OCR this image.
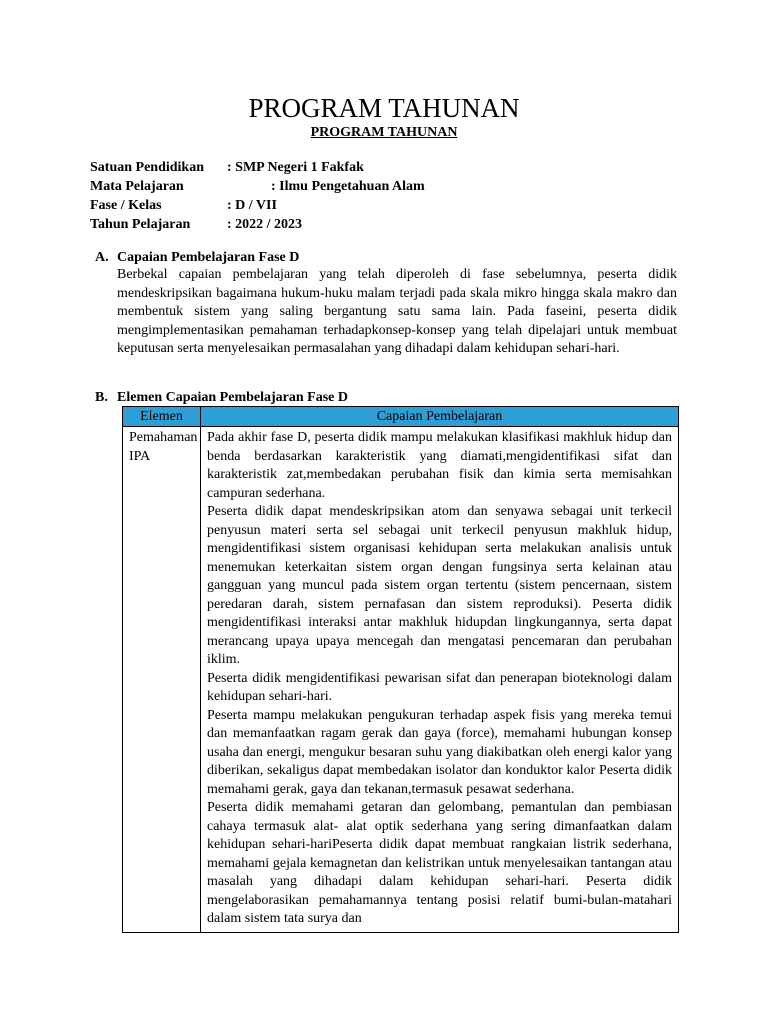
PROGRAM TAHUNAN
PROGRAM TAHUNAN
Satuan Pendidikan : SMP Negeri 1 Fakfak
Mata Pelajaran	: Ilmu Pengetahuan Alam
Fase / Kelas	: D / VII
Tahun Pelajaran	: 2022 / 2023
A. Capaian Pembelajaran Fase D
Berbekal capaian pembelajaran yang telah diperoleh di fase sebelumnya, peserta didik mendeskripsikan bagaimana hukum-huku malam terjadi pada skala mikro hingga skala makro dan membentuk sistem yang saling bergantung satu sama lain. Pada faseini, peserta didik mengimplementasikan pemahaman terhadapkonsep-konsep yang telah dipelajari untuk membuat keputusan serta menyelesaikan permasalahan yang dihadapi dalam kehidupan sehari-hari.
B. Elemen Capaian Pembelajaran Fase D
Elemen	Capaian Pembelajaran
Pemahaman IPA	Pada akhir fase D, peserta didik mampu melakukan klasifikasi makhluk hidup dan benda berdasarkan karakteristik yang diamati,mengidentifikasi sifat dan karakteristik zat,membedakan perubahan fisik dan kimia serta memisahkan campuran sederhana.

Peserta didik dapat mendeskripsikan atom dan senyawa sebagai unit terkecil penyusun materi serta sel sebagai unit terkecil penyusun makhluk hidup, mengidentifikasi sistem organisasi kehidupan serta melakukan analisis untuk menemukan keterkaitan sistem organ dengan fungsinya serta kelainan atau gangguan yang muncul pada sistem organ tertentu (sistem pencernaan, sistem peredaran darah, sistem pernafasan dan sistem reproduksi). Peserta didik mengidentifikasi interaksi antar makhluk hidupdan lingkungannya, serta dapat merancang upaya upaya mencegah dan mengatasi pencemaran dan perubahan iklim.

Peserta didik mengidentifikasi pewarisan sifat dan penerapan bioteknologi dalam kehidupan sehari-hari.

Peserta mampu melakukan pengukuran terhadap aspek fisis yang mereka temui dan memanfaatkan ragam gerak dan gaya (force), memahami hubungan konsep usaha dan energi, mengukur besaran suhu yang diakibatkan oleh energi kalor yang diberikan, sekaligus dapat membedakan isolator dan konduktor kalor Peserta didik memahami gerak, gaya dan tekanan,termasuk pesawat sederhana.

Peserta didik memahami getaran dan gelombang, pemantulan dan pembiasan cahaya termasuk alat- alat optik sederhana yang sering dimanfaatkan dalam kehidupan sehari-hariPeserta didik dapat membuat rangkaian listrik sederhana, memahami gejala kemagnetan dan kelistrikan untuk menyelesaikan tantangan atau masalah yang dihadapi dalam kehidupan sehari-hari. Peserta didik mengelaborasikan pemahamannya tentang posisi relatif bumi-bulan-matahari dalam sistem tata surya dan
